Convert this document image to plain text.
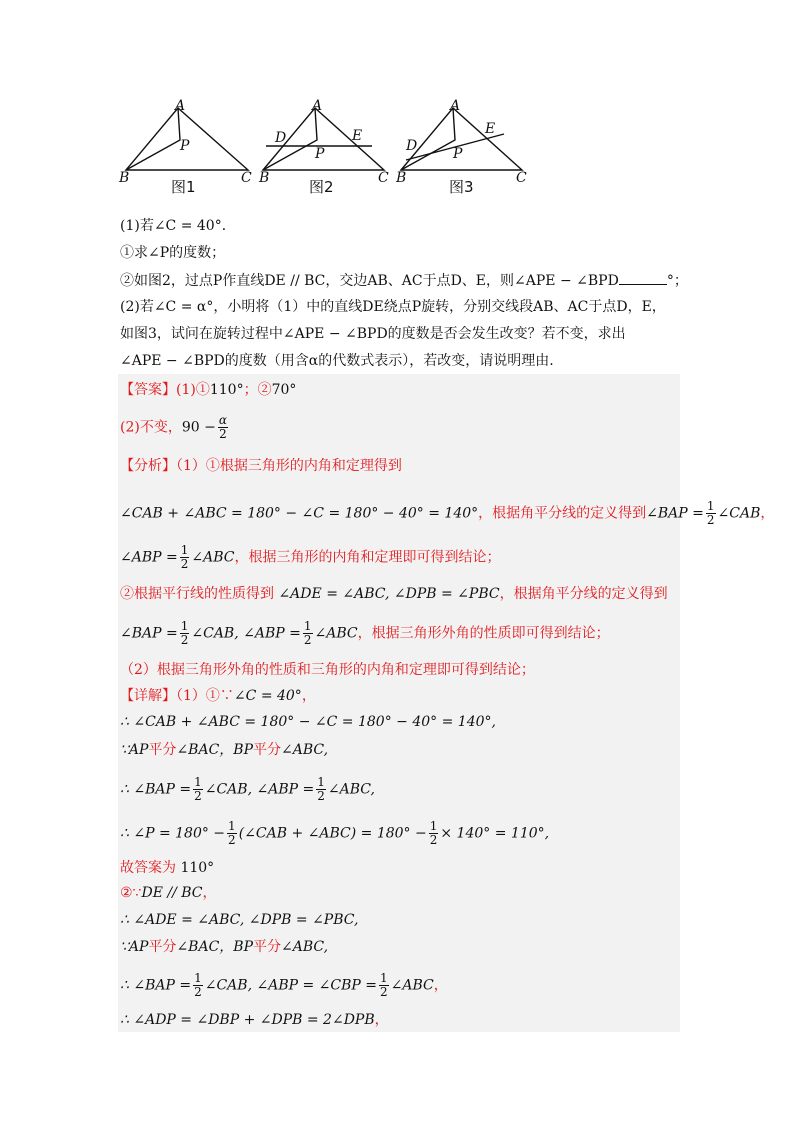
A
P
B	C
图1
A
D	E
P
B	C
图2
A
D
E
P
B	C
图3
(1)若∠C = 40°．
①求∠P的度数；
②如图2，过点P作直线DE // BC，交边AB、AC于点D、E，则∠APE − ∠BPD	°；
(2)若∠C = α°，小明将（1）中的直线DE绕点P旋转，分别交线段AB、AC于点D，E，
如图3，试问在旋转过程中∠APE − ∠BPD的度数是否会发生改变？若不变，求出
∠APE − ∠BPD的度数（用含α的代数式表示），若改变，请说明理由.
【答案】(1)①110°；②70°
(2)不变，$90 - \frac{\alpha}{2}$
【分析】（1）①根据三角形的内角和定理得到
∠CAB + ∠ABC = 180° − ∠C = 180° − 40° = 140°，根据角平分线的定义得到∠BAP = $\frac{1}{2}$ ∠CAB，
∠ABP = $\frac{1}{2}$ ∠ABC，根据三角形的内角和定理即可得到结论；
②根据平行线的性质得到 ∠ADE = ∠ABC, ∠DPB = ∠PBC，根据角平分线的定义得到
∠BAP = $\frac{1}{2}$ ∠CAB, ∠ABP = $\frac{1}{2}$ ∠ABC，根据三角形外角的性质即可得到结论；
（2）根据三角形外角的性质和三角形的内角和定理即可得到结论；
【详解】（1）①∵∠C = 40°，
∴ ∠CAB + ∠ABC = 180° − ∠C = 180° − 40° = 140°,
∵AP平分∠BAC，BP平分∠ABC,
∴ ∠BAP = $\frac{1}{2}$ ∠CAB, ∠ABP = $\frac{1}{2}$ ∠ABC,
∴ ∠P = $180^\circ - \frac{1}{2}$ (∠CAB + ∠ABC) = $180^\circ - \frac{1}{2} \times 140^\circ = 110^\circ$,
故答案为 110°
②∵DE // BC，
∴ ∠ADE = ∠ABC, ∠DPB = ∠PBC,
∵AP平分∠BAC，BP平分∠ABC,
∴ ∠BAP = $\frac{1}{2}$ ∠CAB, ∠ABP = ∠CBP = $\frac{1}{2}$ ∠ABC，
∴ ∠ADP = ∠DBP + ∠DPB = 2∠DPB，
